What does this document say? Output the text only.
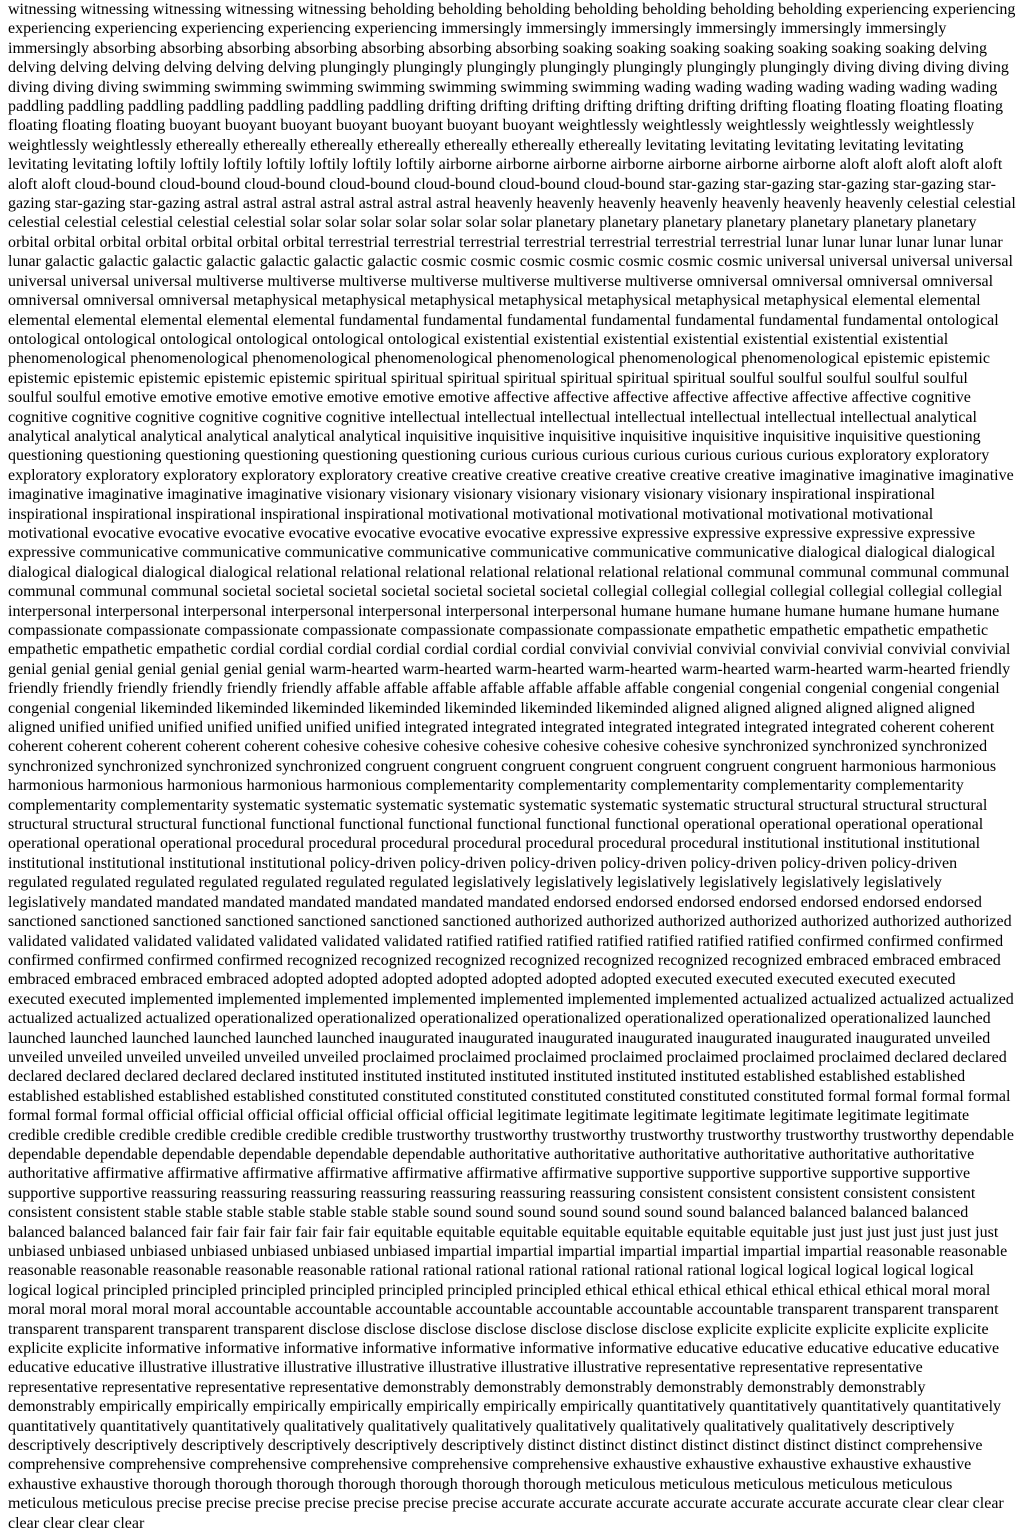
witnessing witnessing witnessing witnessing witnessing beholding beholding beholding beholding beholding beholding beholding experiencing experiencing experiencing experiencing experiencing experiencing experiencing immersingly immersingly immersingly immersingly immersingly immersingly immersingly absorbing absorbing absorbing absorbing absorbing absorbing absorbing soaking soaking soaking soaking soaking soaking soaking delving delving delving delving delving delving delving plungingly plungingly plungingly plungingly plungingly plungingly plungingly diving diving diving diving diving diving diving swimming swimming swimming swimming swimming swimming swimming wading wading wading wading wading wading wading paddling paddling paddling paddling paddling paddling paddling drifting drifting drifting drifting drifting drifting drifting floating floating floating floating floating floating floating buoyant buoyant buoyant buoyant buoyant buoyant buoyant weightlessly weightlessly weightlessly weightlessly weightlessly weightlessly weightlessly ethereally ethereally ethereally ethereally ethereally ethereally ethereally levitating levitating levitating levitating levitating levitating levitating loftily loftily loftily loftily loftily loftily loftily airborne airborne airborne airborne airborne airborne airborne aloft aloft aloft aloft aloft aloft aloft cloud-bound cloud-bound cloud-bound cloud-bound cloud-bound cloud-bound cloud-bound star-gazing star-gazing star-gazing star-gazing star-gazing star-gazing star-gazing astral astral astral astral astral astral astral heavenly heavenly heavenly heavenly heavenly heavenly heavenly celestial celestial celestial celestial celestial celestial celestial solar solar solar solar solar solar solar planetary planetary planetary planetary planetary planetary planetary orbital orbital orbital orbital orbital orbital orbital terrestrial terrestrial terrestrial terrestrial terrestrial terrestrial terrestrial lunar lunar lunar lunar lunar lunar lunar galactic galactic galactic galactic galactic galactic galactic cosmic cosmic cosmic cosmic cosmic cosmic cosmic universal universal universal universal universal universal universal multiverse multiverse multiverse multiverse multiverse multiverse multiverse omniversal omniversal omniversal omniversal omniversal omniversal omniversal metaphysical metaphysical metaphysical metaphysical metaphysical metaphysical metaphysical elemental elemental elemental elemental elemental elemental elemental fundamental fundamental fundamental fundamental fundamental fundamental fundamental ontological ontological ontological ontological ontological ontological ontological existential existential existential existential existential existential existential phenomenological phenomenological phenomenological phenomenological phenomenological phenomenological phenomenological epistemic epistemic epistemic epistemic epistemic epistemic epistemic spiritual spiritual spiritual spiritual spiritual spiritual spiritual soulful soulful soulful soulful soulful soulful soulful emotive emotive emotive emotive emotive emotive emotive affective affective affective affective affective affective affective cognitive cognitive cognitive cognitive cognitive cognitive cognitive intellectual intellectual intellectual intellectual intellectual intellectual intellectual analytical analytical analytical analytical analytical analytical analytical inquisitive inquisitive inquisitive inquisitive inquisitive inquisitive inquisitive questioning questioning questioning questioning questioning questioning questioning curious curious curious curious curious curious curious exploratory exploratory exploratory exploratory exploratory exploratory exploratory creative creative creative creative creative creative creative imaginative imaginative imaginative imaginative imaginative imaginative imaginative visionary visionary visionary visionary visionary visionary visionary inspirational inspirational inspirational inspirational inspirational inspirational inspirational motivational motivational motivational motivational motivational motivational motivational evocative evocative evocative evocative evocative evocative evocative expressive expressive expressive expressive expressive expressive expressive communicative communicative communicative communicative communicative communicative communicative dialogical dialogical dialogical dialogical dialogical dialogical dialogical relational relational relational relational relational relational relational communal communal communal communal communal communal communal societal societal societal societal societal societal societal collegial collegial collegial collegial collegial collegial collegial interpersonal interpersonal interpersonal interpersonal interpersonal interpersonal interpersonal humane humane humane humane humane humane humane compassionate compassionate compassionate compassionate compassionate compassionate compassionate empathetic empathetic empathetic empathetic empathetic empathetic empathetic cordial cordial cordial cordial cordial cordial cordial convivial convivial convivial convivial convivial convivial convivial genial genial genial genial genial genial genial warm-hearted warm-hearted warm-hearted warm-hearted warm-hearted warm-hearted warm-hearted friendly friendly friendly friendly friendly friendly friendly affable affable affable affable affable affable affable congenial congenial congenial congenial congenial congenial congenial likeminded likeminded likeminded likeminded likeminded likeminded likeminded aligned aligned aligned aligned aligned aligned aligned unified unified unified unified unified unified unified integrated integrated integrated integrated integrated integrated integrated coherent coherent coherent coherent coherent coherent coherent cohesive cohesive cohesive cohesive cohesive cohesive cohesive synchronized synchronized synchronized synchronized synchronized synchronized synchronized congruent congruent congruent congruent congruent congruent congruent harmonious harmonious harmonious harmonious harmonious harmonious harmonious complementarity complementarity complementarity complementarity complementarity complementarity complementarity systematic systematic systematic systematic systematic systematic systematic structural structural structural structural structural structural structural functional functional functional functional functional functional functional operational operational operational operational operational operational operational procedural procedural procedural procedural procedural procedural procedural institutional institutional institutional institutional institutional institutional institutional policy-driven policy-driven policy-driven policy-driven policy-driven policy-driven policy-driven regulated regulated regulated regulated regulated regulated regulated legislatively legislatively legislatively legislatively legislatively legislatively legislatively mandated mandated mandated mandated mandated mandated mandated endorsed endorsed endorsed endorsed endorsed endorsed endorsed sanctioned sanctioned sanctioned sanctioned sanctioned sanctioned sanctioned authorized authorized authorized authorized authorized authorized authorized validated validated validated validated validated validated validated ratified ratified ratified ratified ratified ratified ratified confirmed confirmed confirmed confirmed confirmed confirmed confirmed recognized recognized recognized recognized recognized recognized recognized embraced embraced embraced embraced embraced embraced embraced adopted adopted adopted adopted adopted adopted adopted executed executed executed executed executed executed executed implemented implemented implemented implemented implemented implemented implemented actualized actualized actualized actualized actualized actualized actualized operationalized operationalized operationalized operationalized operationalized operationalized operationalized launched launched launched launched launched launched launched inaugurated inaugurated inaugurated inaugurated inaugurated inaugurated inaugurated unveiled unveiled unveiled unveiled unveiled unveiled unveiled proclaimed proclaimed proclaimed proclaimed proclaimed proclaimed proclaimed declared declared declared declared declared declared declared instituted instituted instituted instituted instituted instituted instituted established established established established established established established constituted constituted constituted constituted constituted constituted constituted formal formal formal formal formal formal formal official official official official official official official legitimate legitimate legitimate legitimate legitimate legitimate legitimate credible credible credible credible credible credible credible trustworthy trustworthy trustworthy trustworthy trustworthy trustworthy trustworthy dependable dependable dependable dependable dependable dependable dependable authoritative authoritative authoritative authoritative authoritative authoritative authoritative affirmative affirmative affirmative affirmative affirmative affirmative affirmative supportive supportive supportive supportive supportive supportive supportive reassuring reassuring reassuring reassuring reassuring reassuring reassuring consistent consistent consistent consistent consistent consistent consistent stable stable stable stable stable stable stable sound sound sound sound sound sound sound balanced balanced balanced balanced balanced balanced balanced fair fair fair fair fair fair fair equitable equitable equitable equitable equitable equitable equitable just just just just just just just unbiased unbiased unbiased unbiased unbiased unbiased unbiased impartial impartial impartial impartial impartial impartial impartial reasonable reasonable reasonable reasonable reasonable reasonable reasonable rational rational rational rational rational rational rational logical logical logical logical logical logical logical principled principled principled principled principled principled principled ethical ethical ethical ethical ethical ethical ethical moral moral moral moral moral moral moral accountable accountable accountable accountable accountable accountable accountable transparent transparent transparent transparent transparent transparent transparent disclose disclose disclose disclose disclose disclose disclose explicite explicite explicite explicite explicite explicite explicite informative informative informative informative informative informative informative educative educative educative educative educative educative educative illustrative illustrative illustrative illustrative illustrative illustrative illustrative representative representative representative representative representative representative representative demonstrably demonstrably demonstrably demonstrably demonstrably demonstrably demonstrably empirically empirically empirically empirically empirically empirically empirically quantitatively quantitatively quantitatively quantitatively quantitatively quantitatively quantitatively qualitatively qualitatively qualitatively qualitatively qualitatively qualitatively qualitatively descriptively descriptively descriptively descriptively descriptively descriptively descriptively distinct distinct distinct distinct distinct distinct distinct comprehensive comprehensive comprehensive comprehensive comprehensive comprehensive comprehensive exhaustive exhaustive exhaustive exhaustive exhaustive exhaustive exhaustive thorough thorough thorough thorough thorough thorough thorough meticulous meticulous meticulous meticulous meticulous meticulous meticulous precise precise precise precise precise precise precise accurate accurate accurate accurate accurate accurate accurate clear clear clear clear clear clear clear
